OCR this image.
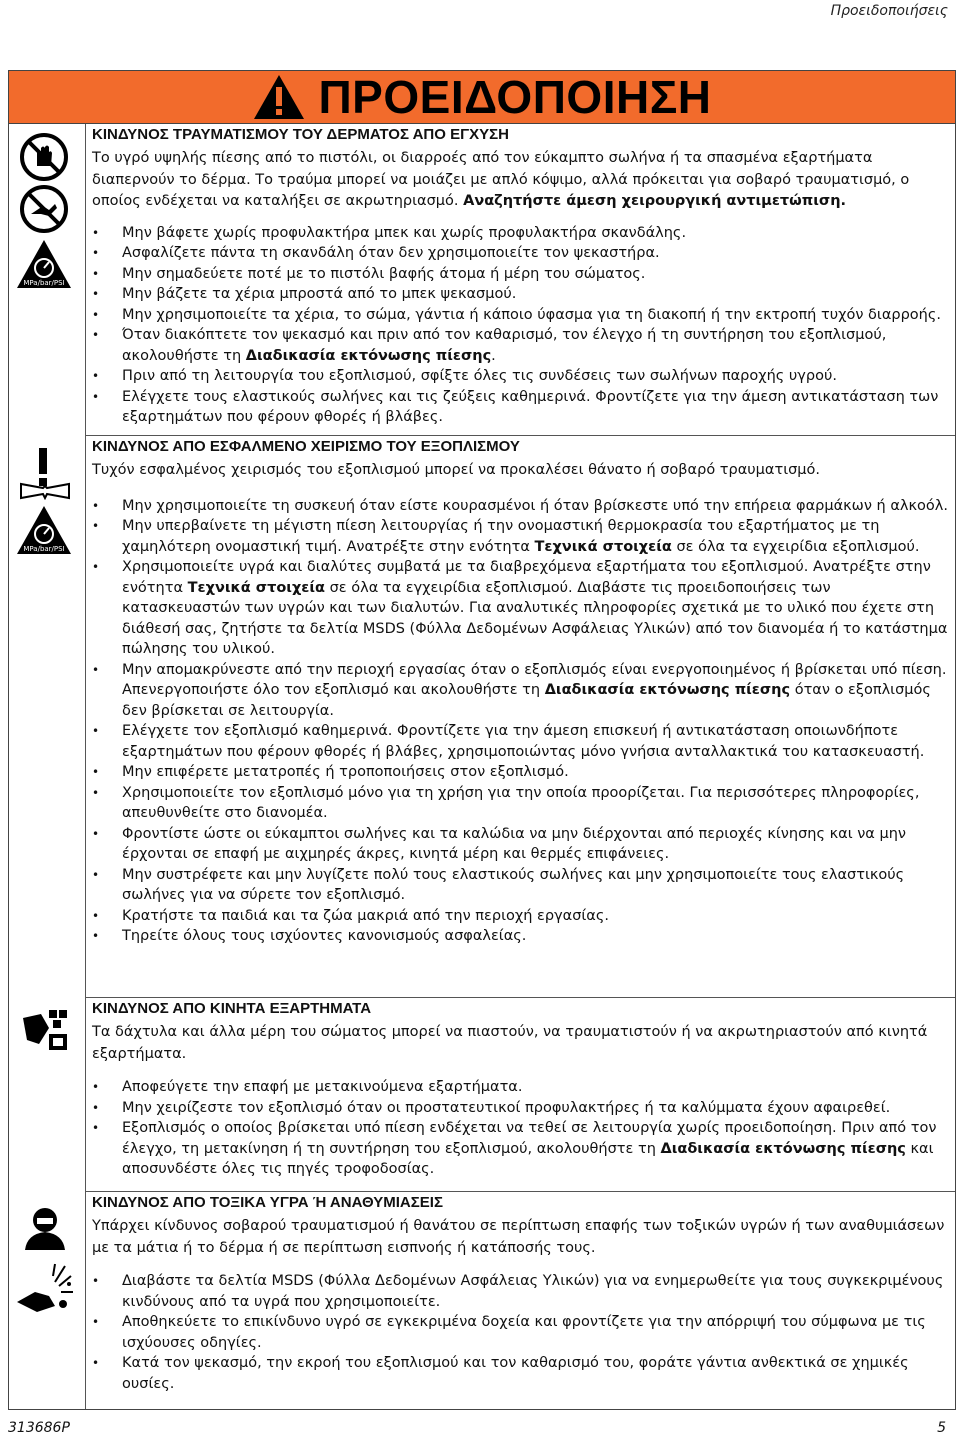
Προειδοποιήσεις
ΠΡΟΕΙΔΟΠΟΙΗΣΗ
MPa/bar/PSI
MPa/bar/PSI
ΚΙΝΔΥΝΟΣ ΤΡΑΥΜΑΤΙΣΜΟΥ ΤΟΥ ΔΕΡΜΑΤΟΣ ΑΠΟ ΕΓΧΥΣΗ

Το υγρό υψηλής πίεσης από το πιστόλι, οι διαρροές από τον εύκαμπτο σωλήνα ή τα σπασμένα εξαρτήματα διαπερνούν το δέρμα. Το τραύμα μπορεί να μοιάζει με απλό κόψιμο, αλλά πρόκειται για σοβαρό τραυματισμό, ο οποίος ενδέχεται να καταλήξει σε ακρωτηριασμό. Αναζητήστε άμεση χειρουργική αντιμετώπιση.

• Μην βάφετε χωρίς προφυλακτήρα μπεκ και χωρίς προφυλακτήρα σκανδάλης.
• Ασφαλίζετε πάντα τη σκανδάλη όταν δεν χρησιμοποιείτε τον ψεκαστήρα.
• Μην σημαδεύετε ποτέ με το πιστόλι βαφής άτομα ή μέρη του σώματος.
• Μην βάζετε τα χέρια μπροστά από το μπεκ ψεκασμού.
• Μην χρησιμοποιείτε τα χέρια, το σώμα, γάντια ή κάποιο ύφασμα για τη διακοπή ή την εκτροπή τυχόν διαρροής.
• Όταν διακόπτετε τον ψεκασμό και πριν από τον καθαρισμό, τον έλεγχο ή τη συντήρηση του εξοπλισμού, ακολουθήστε τη Διαδικασία εκτόνωσης πίεσης.
• Πριν από τη λειτουργία του εξοπλισμού, σφίξτε όλες τις συνδέσεις των σωλήνων παροχής υγρού.
• Ελέγχετε τους ελαστικούς σωλήνες και τις ζεύξεις καθημερινά. Φροντίζετε για την άμεση αντικατάσταση των εξαρτημάτων που φέρουν φθορές ή βλάβες.
ΚΙΝΔΥΝΟΣ ΑΠΟ ΕΣΦΑΛΜΕΝΟ ΧΕΙΡΙΣΜΟ ΤΟΥ ΕΞΟΠΛΙΣΜΟΥ

Τυχόν εσφαλμένος χειρισμός του εξοπλισμού μπορεί να προκαλέσει θάνατο ή σοβαρό τραυματισμό.

• Μην χρησιμοποιείτε τη συσκευή όταν είστε κουρασμένοι ή όταν βρίσκεστε υπό την επήρεια φαρμάκων ή αλκοόλ.
• Μην υπερβαίνετε τη μέγιστη πίεση λειτουργίας ή την ονομαστική θερμοκρασία του εξαρτήματος με τη χαμηλότερη ονομαστική τιμή. Ανατρέξτε στην ενότητα Τεχνικά στοιχεία σε όλα τα εγχειρίδια εξοπλισμού.
• Χρησιμοποιείτε υγρά και διαλύτες συμβατά με τα διαβρεχόμενα εξαρτήματα του εξοπλισμού. Ανατρέξτε στην ενότητα Τεχνικά στοιχεία σε όλα τα εγχειρίδια εξοπλισμού. Διαβάστε τις προειδοποιήσεις των κατασκευαστών των υγρών και των διαλυτών. Για αναλυτικές πληροφορίες σχετικά με το υλικό που έχετε στη διάθεσή σας, ζητήστε τα δελτία MSDS (Φύλλα Δεδομένων Ασφάλειας Υλικών) από τον διανομέα ή το κατάστημα πώλησης του υλικού.
• Μην απομακρύνεστε από την περιοχή εργασίας όταν ο εξοπλισμός είναι ενεργοποιημένος ή βρίσκεται υπό πίεση. Απενεργοποιήστε όλο τον εξοπλισμό και ακολουθήστε τη Διαδικασία εκτόνωσης πίεσης όταν ο εξοπλισμός δεν βρίσκεται σε λειτουργία.
• Ελέγχετε τον εξοπλισμό καθημερινά. Φροντίζετε για την άμεση επισκευή ή αντικατάσταση οποιωνδήποτε εξαρτημάτων που φέρουν φθορές ή βλάβες, χρησιμοποιώντας μόνο γνήσια ανταλλακτικά του κατασκευαστή.
• Μην επιφέρετε μετατροπές ή τροποποιήσεις στον εξοπλισμό.
• Χρησιμοποιείτε τον εξοπλισμό μόνο για τη χρήση για την οποία προορίζεται. Για περισσότερες πληροφορίες, απευθυνθείτε στο διανομέα.
• Φροντίστε ώστε οι εύκαμπτοι σωλήνες και τα καλώδια να μην διέρχονται από περιοχές κίνησης και να μην έρχονται σε επαφή με αιχμηρές άκρες, κινητά μέρη και θερμές επιφάνειες.
• Μην συστρέφετε και μην λυγίζετε πολύ τους ελαστικούς σωλήνες και μην χρησιμοποιείτε τους ελαστικούς σωλήνες για να σύρετε τον εξοπλισμό.
• Κρατήστε τα παιδιά και τα ζώα μακριά από την περιοχή εργασίας.
• Τηρείτε όλους τους ισχύοντες κανονισμούς ασφαλείας.
ΚΙΝΔΥΝΟΣ ΑΠΟ ΚΙΝΗΤΑ ΕΞΑΡΤΗΜΑΤΑ

Τα δάχτυλα και άλλα μέρη του σώματος μπορεί να πιαστούν, να τραυματιστούν ή να ακρωτηριαστούν από κινητά εξαρτήματα.

• Αποφεύγετε την επαφή με μετακινούμενα εξαρτήματα.
• Μην χειρίζεστε τον εξοπλισμό όταν οι προστατευτικοί προφυλακτήρες ή τα καλύμματα έχουν αφαιρεθεί.
• Εξοπλισμός ο οποίος βρίσκεται υπό πίεση ενδέχεται να τεθεί σε λειτουργία χωρίς προειδοποίηση. Πριν από τον έλεγχο, τη μετακίνηση ή τη συντήρηση του εξοπλισμού, ακολουθήστε τη Διαδικασία εκτόνωσης πίεσης και αποσυνδέστε όλες τις πηγές τροφοδοσίας.
ΚΙΝΔΥΝΟΣ ΑΠΟ ΤΟΞΙΚΑ ΥΓΡΑ Ή ΑΝΑΘΥΜΙΑΣΕΙΣ

Υπάρχει κίνδυνος σοβαρού τραυματισμού ή θανάτου σε περίπτωση επαφής των τοξικών υγρών ή των αναθυμιάσεων με τα μάτια ή το δέρμα ή σε περίπτωση εισπνοής ή κατάποσής τους.

• Διαβάστε τα δελτία MSDS (Φύλλα Δεδομένων Ασφάλειας Υλικών) για να ενημερωθείτε για τους συγκεκριμένους κινδύνους από τα υγρά που χρησιμοποιείτε.
• Αποθηκεύετε το επικίνδυνο υγρό σε εγκεκριμένα δοχεία και φροντίζετε για την απόρριψή του σύμφωνα με τις ισχύουσες οδηγίες.
• Κατά τον ψεκασμό, την εκροή του εξοπλισμού και τον καθαρισμό του, φοράτε γάντια ανθεκτικά σε χημικές ουσίες.
313686P	5
